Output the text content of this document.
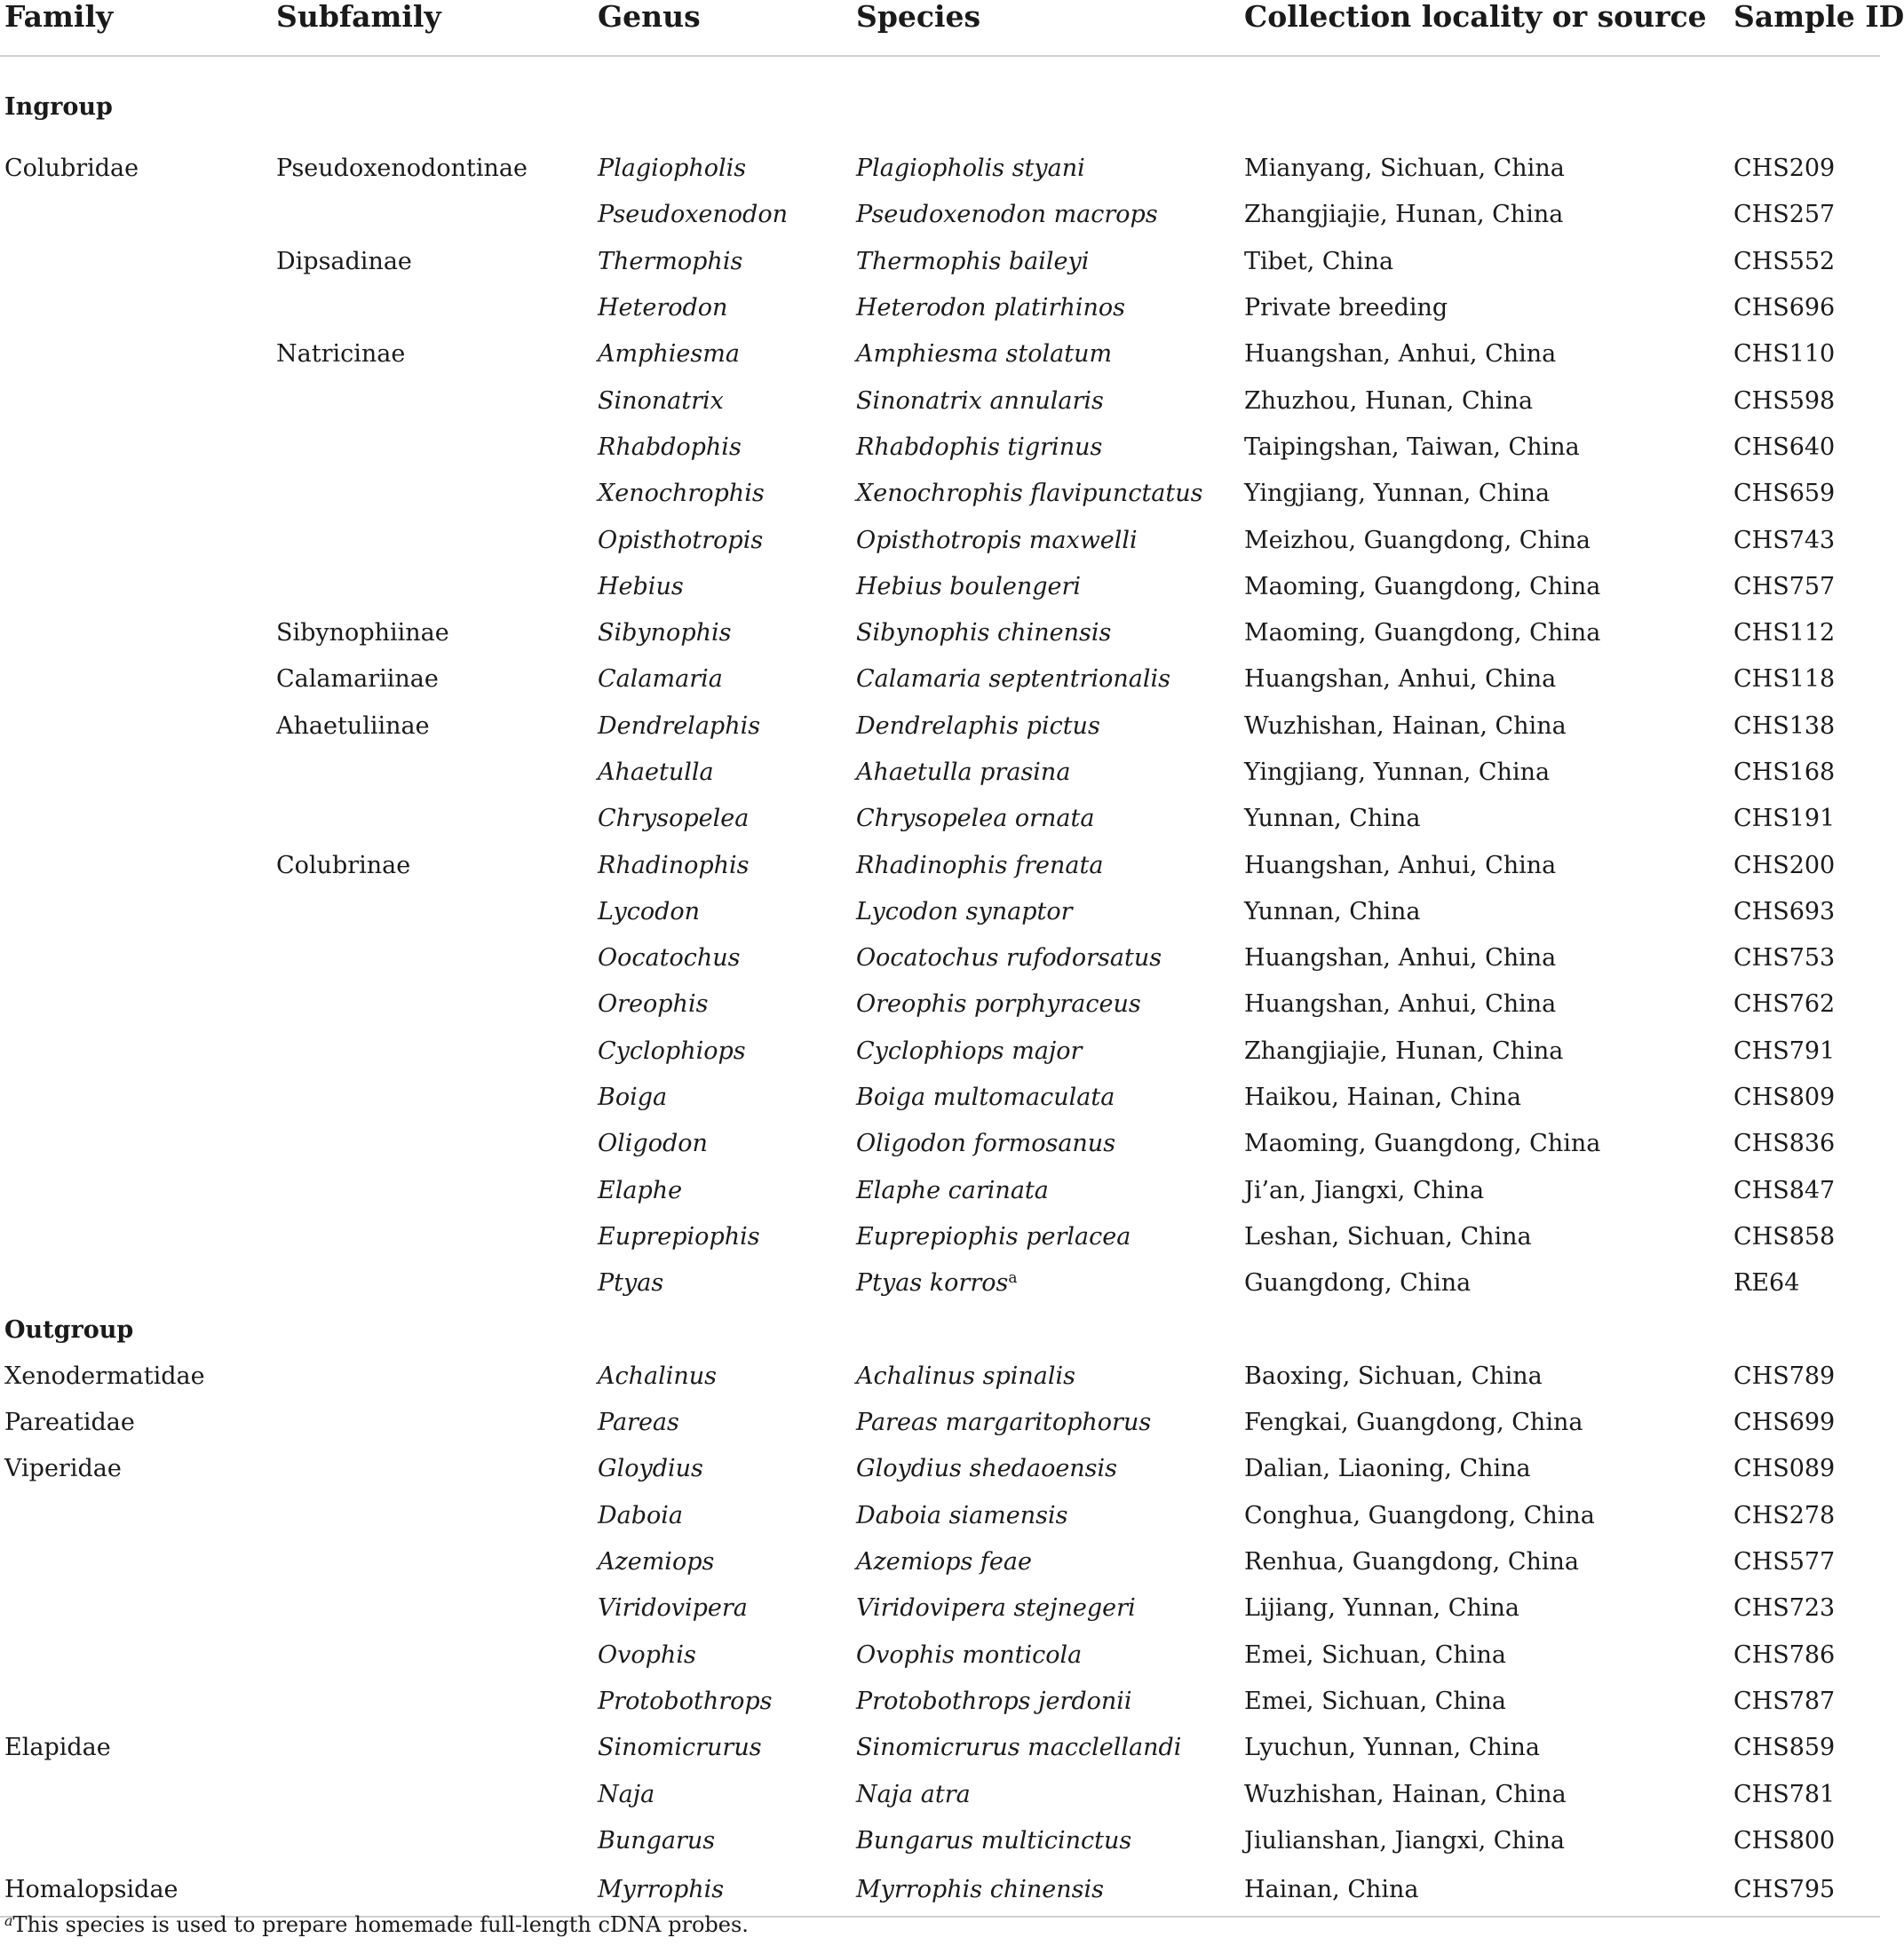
Family	Subfamily	Genus	Species	Collection locality or source	Sample ID
Ingroup					
Colubridae	Pseudoxenodontinae	Plagiopholis	Plagiopholis styani	Mianyang, Sichuan, China	CHS209
		Pseudoxenodon	Pseudoxenodon macrops	Zhangjiajie, Hunan, China	CHS257
	Dipsadinae	Thermophis	Thermophis baileyi	Tibet, China	CHS552
		Heterodon	Heterodon platirhinos	Private breeding	CHS696
	Natricinae	Amphiesma	Amphiesma stolatum	Huangshan, Anhui, China	CHS110
		Sinonatrix	Sinonatrix annularis	Zhuzhou, Hunan, China	CHS598
		Rhabdophis	Rhabdophis tigrinus	Taipingshan, Taiwan, China	CHS640
		Xenochrophis	Xenochrophis flavipunctatus	Yingjiang, Yunnan, China	CHS659
		Opisthotropis	Opisthotropis maxwelli	Meizhou, Guangdong, China	CHS743
		Hebius	Hebius boulengeri	Maoming, Guangdong, China	CHS757
	Sibynophiinae	Sibynophis	Sibynophis chinensis	Maoming, Guangdong, China	CHS112
	Calamariinae	Calamaria	Calamaria septentrionalis	Huangshan, Anhui, China	CHS118
	Ahaetuliinae	Dendrelaphis	Dendrelaphis pictus	Wuzhishan, Hainan, China	CHS138
		Ahaetulla	Ahaetulla prasina	Yingjiang, Yunnan, China	CHS168
		Chrysopelea	Chrysopelea ornata	Yunnan, China	CHS191
	Colubrinae	Rhadinophis	Rhadinophis frenata	Huangshan, Anhui, China	CHS200
		Lycodon	Lycodon synaptor	Yunnan, China	CHS693
		Oocatochus	Oocatochus rufodorsatus	Huangshan, Anhui, China	CHS753
		Oreophis	Oreophis porphyraceus	Huangshan, Anhui, China	CHS762
		Cyclophiops	Cyclophiops major	Zhangjiajie, Hunan, China	CHS791
		Boiga	Boiga multomaculata	Haikou, Hainan, China	CHS809
		Oligodon	Oligodon formosanus	Maoming, Guangdong, China	CHS836
		Elaphe	Elaphe carinata	Ji’an, Jiangxi, China	CHS847
		Euprepiophis	Euprepiophis perlacea	Leshan, Sichuan, China	CHS858
		Ptyas	Ptyas korros$^a$	Guangdong, China	RE64
Outgroup					
Xenodermatidae		Achalinus	Achalinus spinalis	Baoxing, Sichuan, China	CHS789
Pareatidae		Pareas	Pareas margaritophorus	Fengkai, Guangdong, China	CHS699
Viperidae		Gloydius	Gloydius shedaoensis	Dalian, Liaoning, China	CHS089
		Daboia	Daboia siamensis	Conghua, Guangdong, China	CHS278
		Azemiops	Azemiops feae	Renhua, Guangdong, China	CHS577
		Viridovipera	Viridovipera stejnegeri	Lijiang, Yunnan, China	CHS723
		Ovophis	Ovophis monticola	Emei, Sichuan, China	CHS786
		Protobothrops	Protobothrops jerdonii	Emei, Sichuan, China	CHS787
Elapidae		Sinomicrurus	Sinomicrurus macclellandi	Lyuchun, Yunnan, China	CHS859
		Naja	Naja atra	Wuzhishan, Hainan, China	CHS781
		Bungarus	Bungarus multicinctus	Jiulianshan, Jiangxi, China	CHS800
Homalopsidae		Myrrophis	Myrrophis chinensis	Hainan, China	CHS795
$^a$This species is used to prepare homemade full-length cDNA probes.
